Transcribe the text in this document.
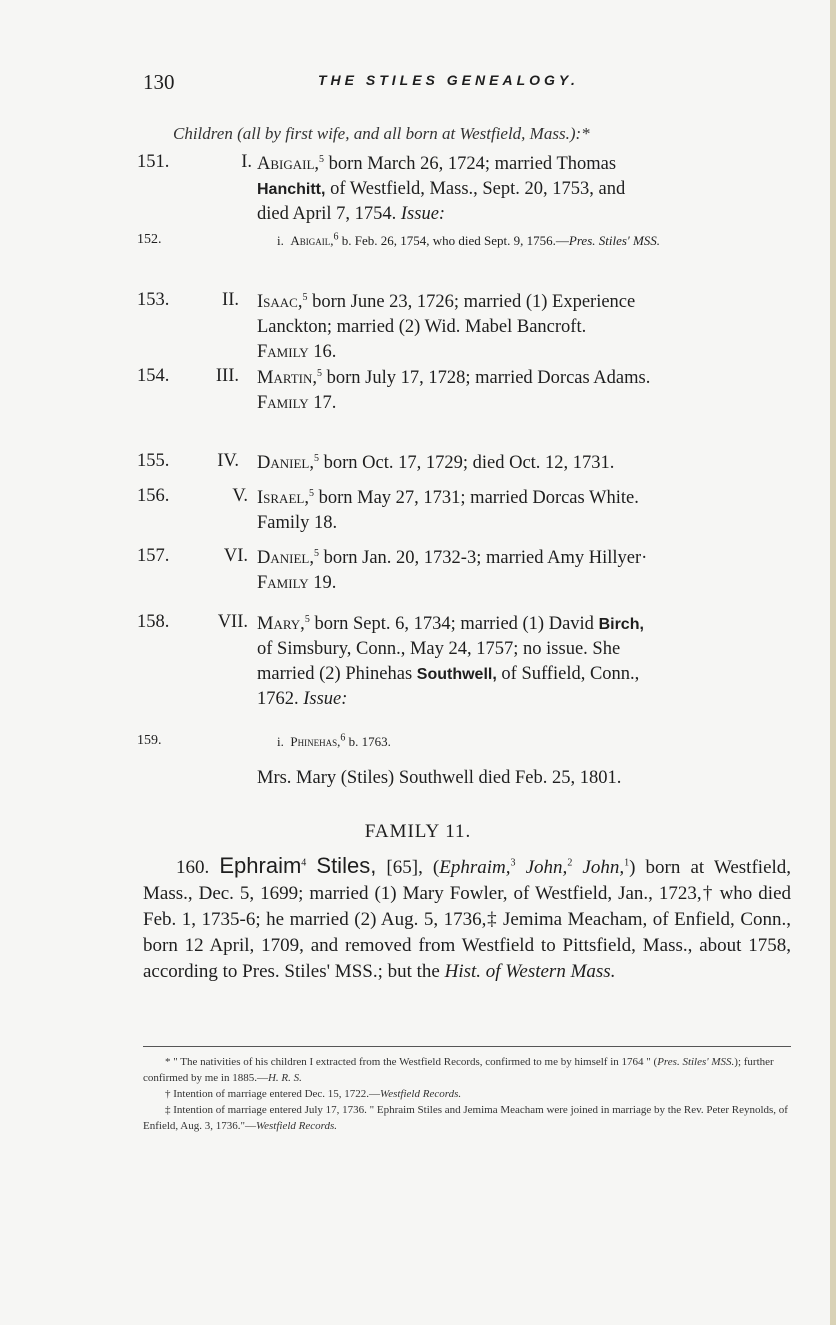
130	THE STILES GENEALOGY.
Children (all by first wife, and all born at Westfield, Mass.):*
151.	I. Abigail,$^5$ born March 26, 1724; married Thomas
Hanchitt, of Westfield, Mass., Sept. 20, 1753, and
died April 7, 1754. Issue:
152.	i. Abigail,$^6$ b. Feb. 26, 1754, who died Sept. 9, 1756.—Pres. Stiles' MSS.
153.	II. Isaac,$^5$ born June 23, 1726; married (1) Experience
Lanckton; married (2) Wid. Mabel Bancroft.
Family 16.
154.	III. Martin,$^5$ born July 17, 1728; married Dorcas Adams.
Family 17.
155.	IV. Daniel,$^5$ born Oct. 17, 1729; died Oct. 12, 1731.
156.	V. Israel,$^5$ born May 27, 1731; married Dorcas White.
Family 18.
157.	VI. Daniel,$^5$ born Jan. 20, 1732-3; married Amy Hillyer·
Family 19.
158.	VII. Mary,$^5$ born Sept. 6, 1734; married (1) David Birch,
of Simsbury, Conn., May 24, 1757; no issue. She
married (2) Phinehas Southwell, of Suffield, Conn.,
1762. Issue:
159.	i. Phinehas,$^6$ b. 1763.
Mrs. Mary (Stiles) Southwell died Feb. 25, 1801.
FAMILY 11.
160. Ephraim$^4$ Stiles, [65], (Ephraim,$^3$ John,$^2$ John,$^1$) born at Westfield, Mass., Dec. 5, 1699; married (1) Mary Fowler, of Westfield, Jan., 1723,† who died Feb. 1, 1735-6; he married (2) Aug. 5, 1736,‡ Jemima Meacham, of Enfield, Conn., born 12 April, 1709, and removed from Westfield to Pittsfield, Mass., about 1758, according to Pres. Stiles' MSS.; but the Hist. of Western Mass.

* " The nativities of his children I extracted from the Westfield Records, confirmed to me by himself in 1764 " (Pres. Stiles' MSS.); further confirmed by me in 1885.—H. R. S.

† Intention of marriage entered Dec. 15, 1722.—Westfield Records.

‡ Intention of marriage entered July 17, 1736. " Ephraim Stiles and Jemima Meacham were joined in marriage by the Rev. Peter Reynolds, of Enfield, Aug. 3, 1736."—Westfield Records.
